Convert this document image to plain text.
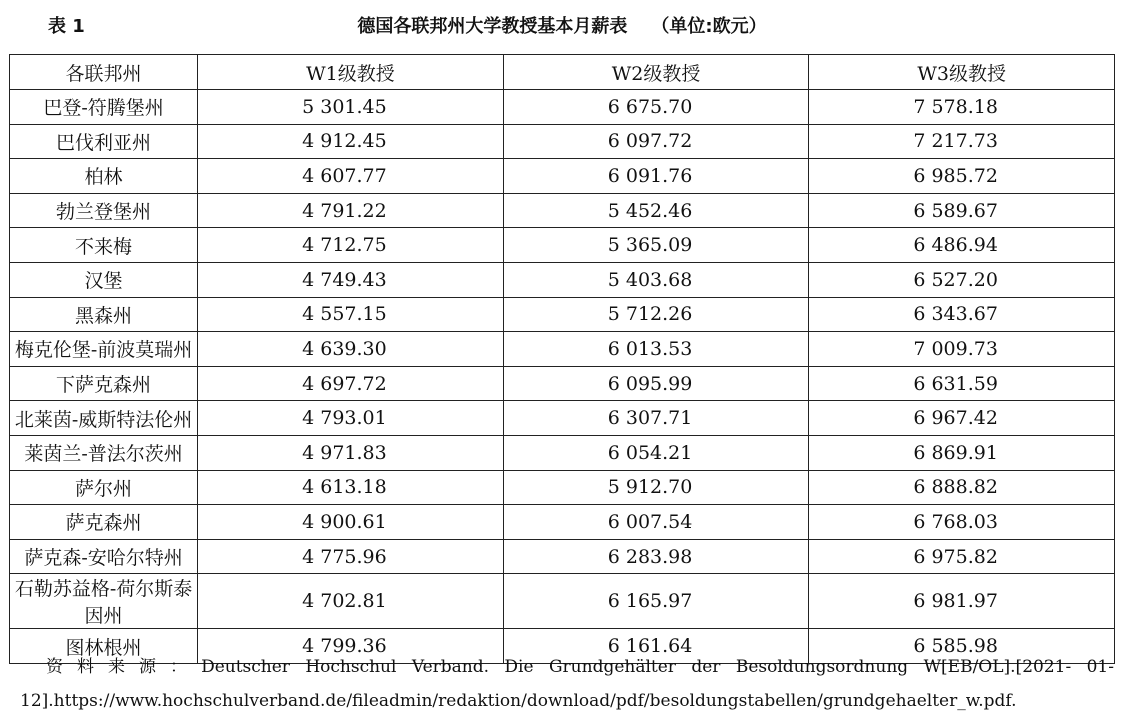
表 1	德国各联邦州大学教授基本月薪表 （单位:欧元）
各联邦州	W1级教授	W2级教授	W3级教授
巴登-符腾堡州	5 301.45	6 675.70	7 578.18
巴伐利亚州	4 912.45	6 097.72	7 217.73
柏林	4 607.77	6 091.76	6 985.72
勃兰登堡州	4 791.22	5 452.46	6 589.67
不来梅	4 712.75	5 365.09	6 486.94
汉堡	4 749.43	5 403.68	6 527.20
黑森州	4 557.15	5 712.26	6 343.67
梅克伦堡-前波莫瑞州	4 639.30	6 013.53	7 009.73
下萨克森州	4 697.72	6 095.99	6 631.59
北莱茵-威斯特法伦州	4 793.01	6 307.71	6 967.42
莱茵兰-普法尔茨州	4 971.83	6 054.21	6 869.91
萨尔州	4 613.18	5 912.70	6 888.82
萨克森州	4 900.61	6 007.54	6 768.03
萨克森-安哈尔特州	4 775.96	6 283.98	6 975.82
石勒苏益格-荷尔斯泰因州	4 702.81	6 165.97	6 981.97
图林根州	4 799.36	6 161.64	6 585.98
资料来源：Deutscher Hochschul Verband. Die Grundgehälter der Besoldungsordnung W[EB/OL].[2021- 01- 12].https://www.hochschulverband.de/fileadmin/redaktion/download/pdf/besoldungstabellen/grundgehaelter_w.pdf.
